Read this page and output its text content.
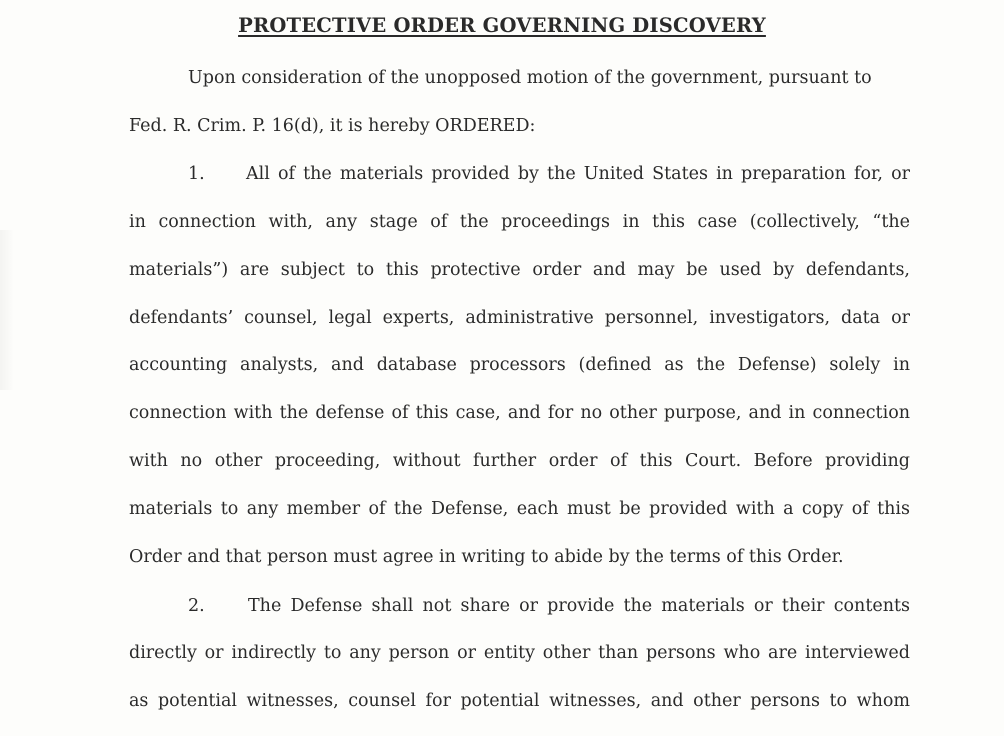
PROTECTIVE ORDER GOVERNING DISCOVERY
Upon consideration of the unopposed motion of the government, pursuant to
Fed. R. Crim. P. 16(d), it is hereby ORDERED:
1. All of the materials provided by the United States in preparation for, or
in connection with, any stage of the proceedings in this case (collectively, “the
materials”) are subject to this protective order and may be used by defendants,
defendants’ counsel, legal experts, administrative personnel, investigators, data or
accounting analysts, and database processors (defined as the Defense) solely in
connection with the defense of this case, and for no other purpose, and in connection
with no other proceeding, without further order of this Court. Before providing
materials to any member of the Defense, each must be provided with a copy of this
Order and that person must agree in writing to abide by the terms of this Order.
2. The Defense shall not share or provide the materials or their contents
directly or indirectly to any person or entity other than persons who are interviewed
as potential witnesses, counsel for potential witnesses, and other persons to whom
